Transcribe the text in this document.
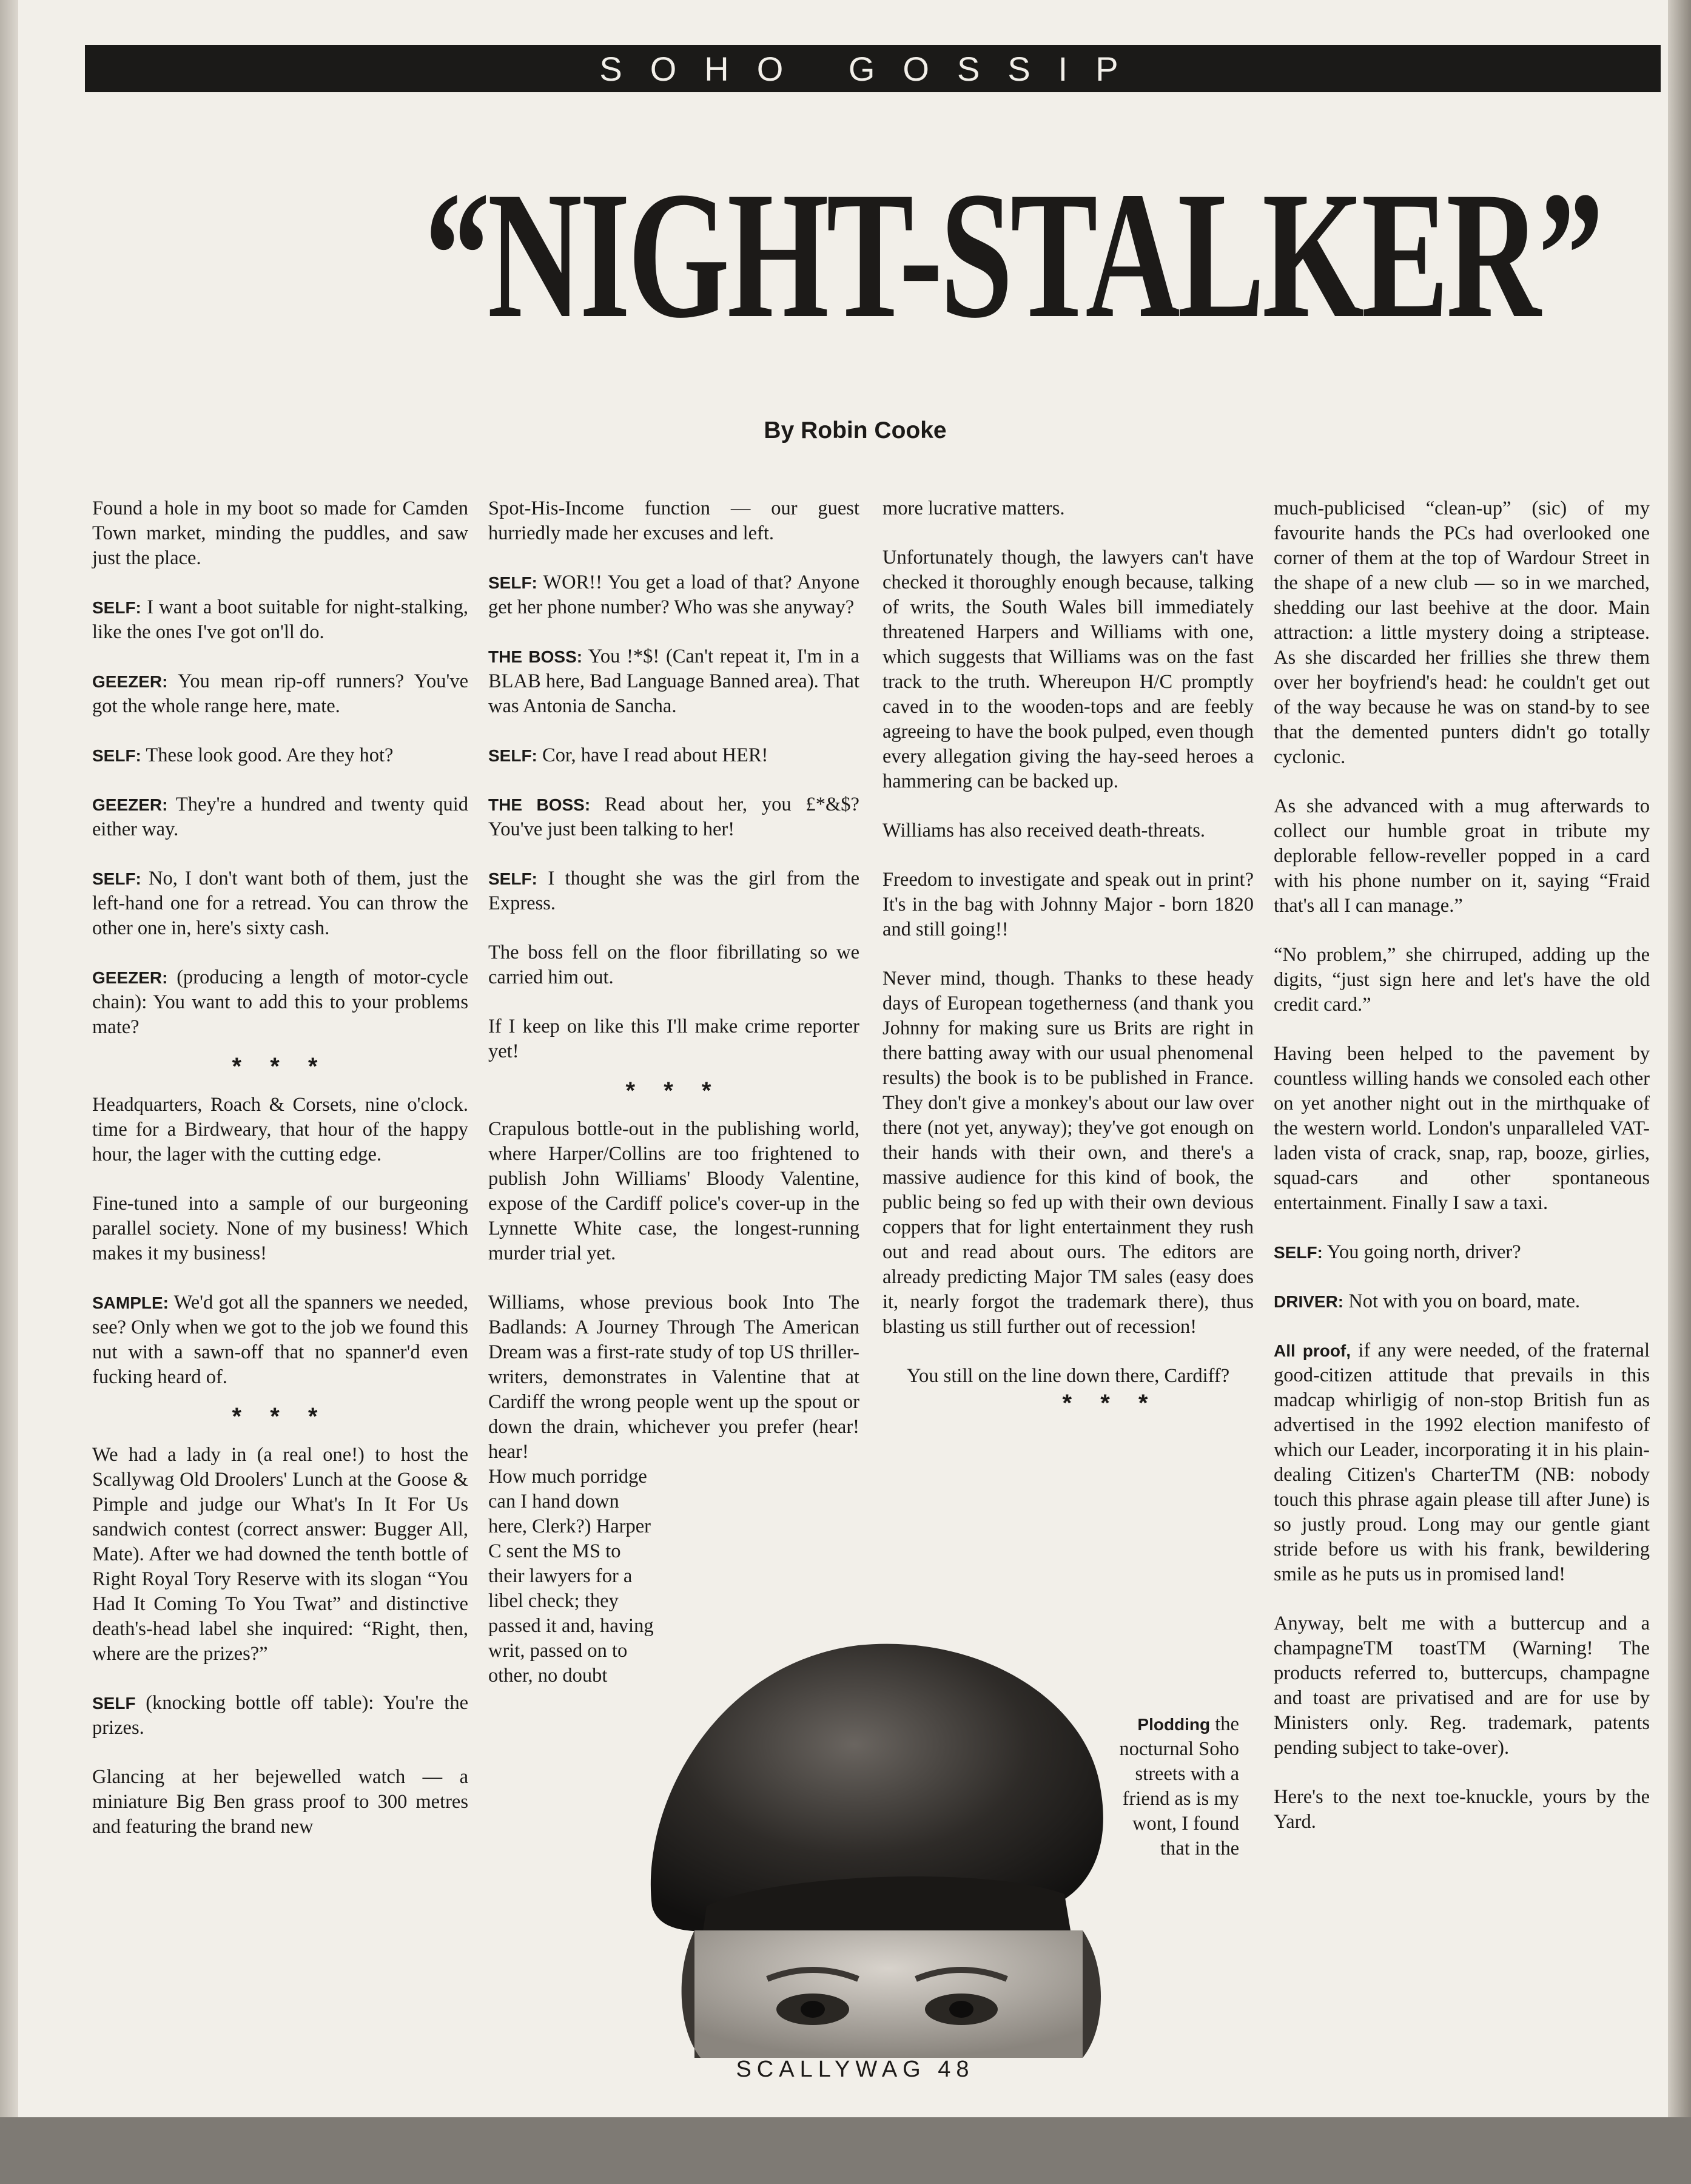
SOHO GOSSIP
“NIGHT-STALKER”
By Robin Cooke

Found a hole in my boot so made for Camden Town market, minding the puddles, and saw just the place.

SELF: I want a boot suitable for night-stalking, like the ones I've got on'll do.

GEEZER: You mean rip-off runners? You've got the whole range here, mate.

SELF: These look good. Are they hot?

GEEZER: They're a hundred and twenty quid either way.

SELF: No, I don't want both of them, just the left-hand one for a retread. You can throw the other one in, here's sixty cash.

GEEZER: (producing a length of motor-cycle chain): You want to add this to your problems mate?

* * *

Headquarters, Roach & Corsets, nine o'clock. time for a Birdweary, that hour of the happy hour, the lager with the cutting edge.

Fine-tuned into a sample of our burgeoning parallel society. None of my business! Which makes it my business!

SAMPLE: We'd got all the spanners we needed, see? Only when we got to the job we found this nut with a sawn-off that no spanner'd even fucking heard of.

* * *

We had a lady in (a real one!) to host the Scallywag Old Droolers' Lunch at the Goose & Pimple and judge our What's In It For Us sandwich contest (correct answer: Bugger All, Mate). After we had downed the tenth bottle of Right Royal Tory Reserve with its slogan “You Had It Coming To You Twat” and distinctive death's-head label she inquired: “Right, then, where are the prizes?”

SELF (knocking bottle off table): You're the prizes.

Glancing at her bejewelled watch — a miniature Big Ben grass proof to 300 metres and featuring the brand new

Spot-His-Income function — our guest hurriedly made her excuses and left.

SELF: WOR!! You get a load of that? Anyone get her phone number? Who was she anyway?

THE BOSS: You !*$! (Can't repeat it, I'm in a BLAB here, Bad Language Banned area). That was Antonia de Sancha.

SELF: Cor, have I read about HER!

THE BOSS: Read about her, you £*&$? You've just been talking to her!

SELF: I thought she was the girl from the Express.

The boss fell on the floor fibrillating so we carried him out.

If I keep on like this I'll make crime reporter yet!

* * *

Crapulous bottle-out in the publishing world, where Harper/Collins are too frightened to publish John Williams' Bloody Valentine, expose of the Cardiff police's cover-up in the Lynnette White case, the longest-running murder trial yet.

Williams, whose previous book Into The Badlands: A Journey Through The American Dream was a first-rate study of top US thriller-writers, demonstrates in Valentine that at Cardiff the wrong people went up the spout or down the drain, whichever you prefer (hear! hear!

How much porridge can I hand down here, Clerk?) Harper C sent the MS to their lawyers for a libel check; they passed it and, having writ, passed on to other, no doubt

more lucrative matters.

Unfortunately though, the lawyers can't have checked it thoroughly enough because, talking of writs, the South Wales bill immediately threatened Harpers and Williams with one, which suggests that Williams was on the fast track to the truth. Whereupon H/C promptly caved in to the wooden-tops and are feebly agreeing to have the book pulped, even though every allegation giving the hay-seed heroes a hammering can be backed up.

Williams has also received death-threats.

Freedom to investigate and speak out in print? It's in the bag with Johnny Major - born 1820 and still going!!

Never mind, though. Thanks to these heady days of European togetherness (and thank you Johnny for making sure us Brits are right in there batting away with our usual phenomenal results) the book is to be published in France. They don't give a monkey's about our law over there (not yet, anyway); they've got enough on their hands with their own, and there's a massive audience for this kind of book, the public being so fed up with their own devious coppers that for light entertainment they rush out and read about ours. The editors are already predicting Major TM sales (easy does it, nearly forgot the trademark there), thus blasting us still further out of recession!

You still on the line down there, Cardiff?

* * *
Plodding the nocturnal Soho streets with a friend as is my wont, I found that in the

much-publicised “clean-up” (sic) of my favourite hands the PCs had overlooked one corner of them at the top of Wardour Street in the shape of a new club — so in we marched, shedding our last beehive at the door. Main attraction: a little mystery doing a striptease. As she discarded her frillies she threw them over her boyfriend's head: he couldn't get out of the way because he was on stand-by to see that the demented punters didn't go totally cyclonic.

As she advanced with a mug afterwards to collect our humble groat in tribute my deplorable fellow-reveller popped in a card with his phone number on it, saying “Fraid that's all I can manage.”

“No problem,” she chirruped, adding up the digits, “just sign here and let's have the old credit card.”

Having been helped to the pavement by countless willing hands we consoled each other on yet another night out in the mirthquake of the western world. London's unparalleled VAT-laden vista of crack, snap, rap, booze, girlies, squad-cars and other spontaneous entertainment. Finally I saw a taxi.

SELF: You going north, driver?

DRIVER: Not with you on board, mate.

All proof, if any were needed, of the fraternal good-citizen attitude that prevails in this madcap whirligig of non-stop British fun as advertised in the 1992 election manifesto of which our Leader, incorporating it in his plain-dealing Citizen's CharterTM (NB: nobody touch this phrase again please till after June) is so justly proud. Long may our gentle giant stride before us with his frank, bewildering smile as he puts us in promised land!

Anyway, belt me with a buttercup and a champagneTM toastTM (Warning! The products referred to, buttercups, champagne and toast are privatised and are for use by Ministers only. Reg. trademark, patents pending subject to take-over).

Here's to the next toe-knuckle, yours by the Yard.

SCALLYWAG 48
